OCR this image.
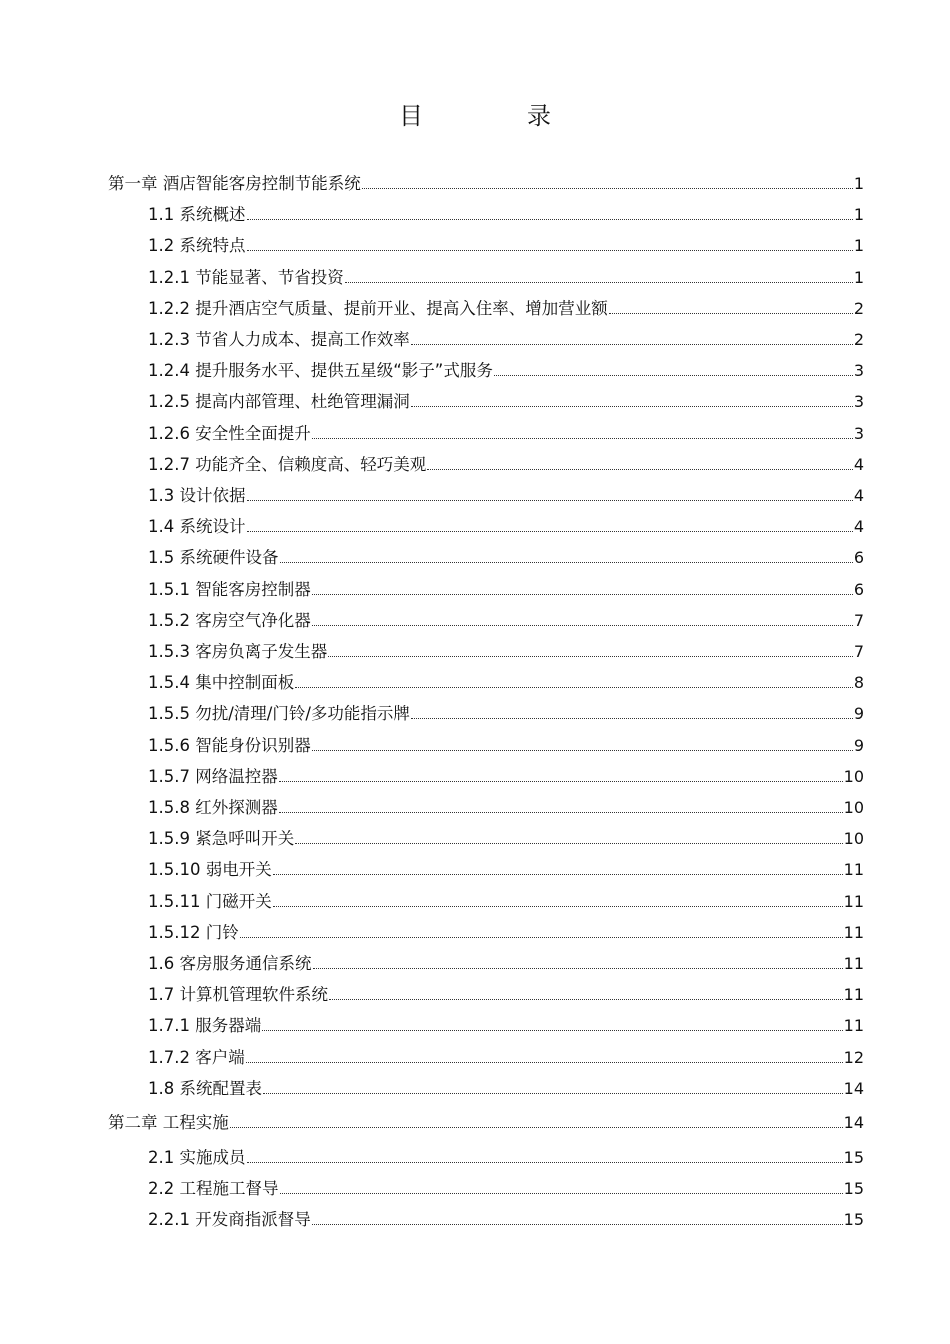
目　录
第一章 酒店智能客房控制节能系统	1
1.1 系统概述	1
1.2 系统特点	1
1.2.1 节能显著、节省投资	1
1.2.2 提升酒店空气质量、提前开业、提高入住率、增加营业额	2
1.2.3 节省人力成本、提高工作效率	2
1.2.4 提升服务水平、提供五星级“影子”式服务	3
1.2.5 提高内部管理、杜绝管理漏洞	3
1.2.6 安全性全面提升	3
1.2.7 功能齐全、信赖度高、轻巧美观	4
1.3 设计依据	4
1.4 系统设计	4
1.5 系统硬件设备	6
1.5.1 智能客房控制器	6
1.5.2 客房空气净化器	7
1.5.3 客房负离子发生器	7
1.5.4 集中控制面板	8
1.5.5 勿扰/清理/门铃/多功能指示牌	9
1.5.6 智能身份识别器	9
1.5.7 网络温控器	10
1.5.8 红外探测器	10
1.5.9 紧急呼叫开关	10
1.5.10 弱电开关	11
1.5.11 门磁开关	11
1.5.12 门铃	11
1.6 客房服务通信系统	11
1.7 计算机管理软件系统	11
1.7.1 服务器端	11
1.7.2 客户端	12
1.8 系统配置表	14
第二章 工程实施	14
2.1 实施成员	15
2.2 工程施工督导	15
2.2.1 开发商指派督导	15
